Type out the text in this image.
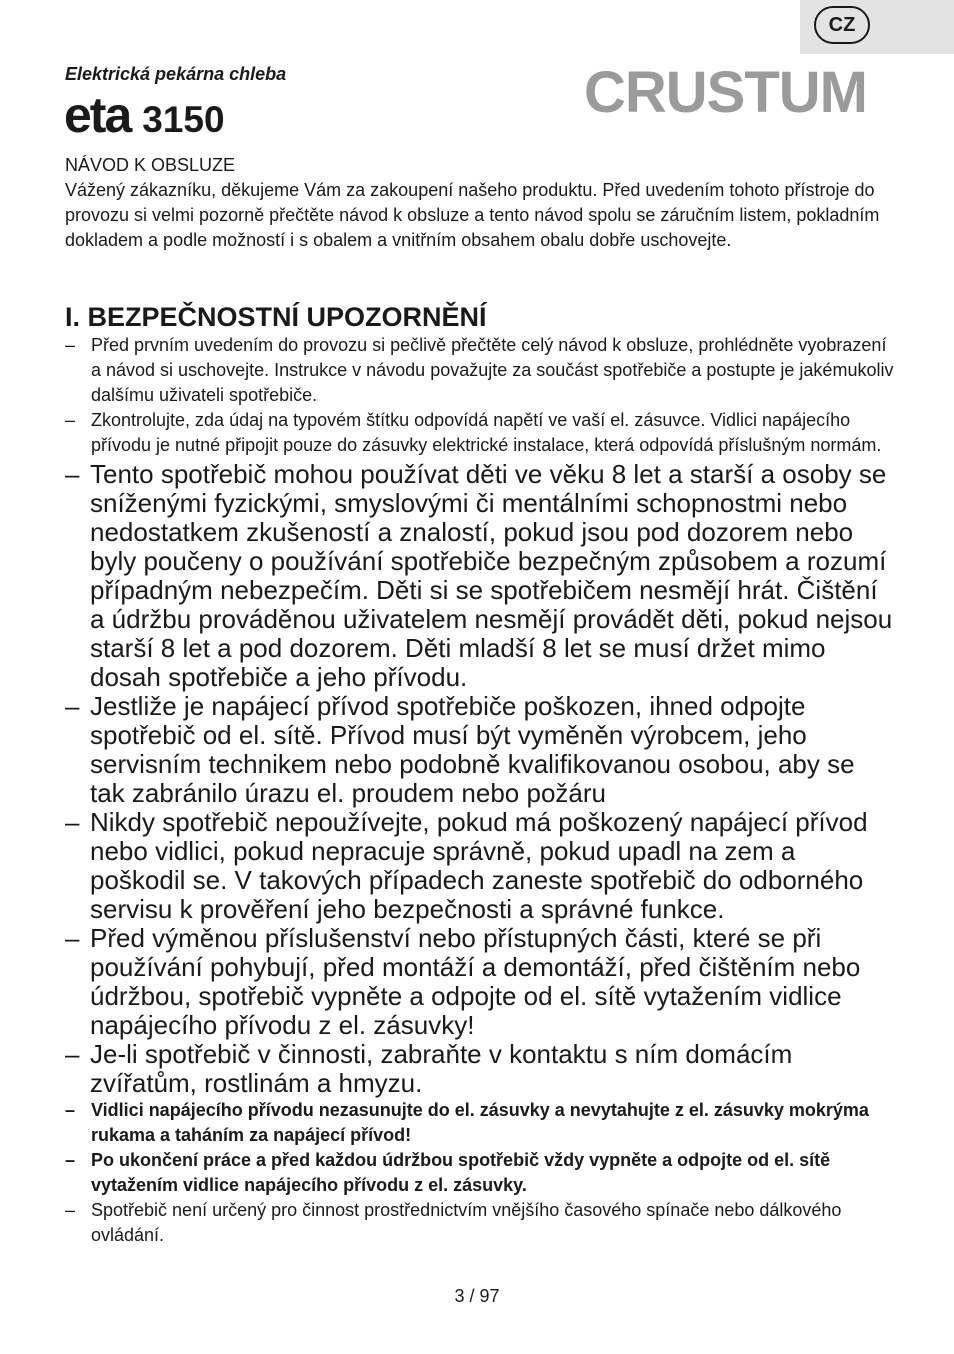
CZ
Elektrická pekárna chleba
eta 3150	CRUSTUM

NÁVOD K OBSLUZE

Vážený zákazníku, děkujeme Vám za zakoupení našeho produktu. Před uvedením tohoto přístroje do provozu si velmi pozorně přečtěte návod k obsluze a tento návod spolu se záručním listem, pokladním dokladem a podle možností i s obalem a vnitřním obsahem obalu dobře uschovejte.

I. BEZPEČNOSTNÍ UPOZORNĚNÍ
– Před prvním uvedením do provozu si pečlivě přečtěte celý návod k obsluze, prohlédněte vyobrazení a návod si uschovejte. Instrukce v návodu považujte za součást spotřebiče a postupte je jakémukoliv dalšímu uživateli spotřebiče.
– Zkontrolujte, zda údaj na typovém štítku odpovídá napětí ve vaší el. zásuvce. Vidlici napájecího přívodu je nutné připojit pouze do zásuvky elektrické instalace, která odpovídá příslušným normám.
– Tento spotřebič mohou používat děti ve věku 8 let a starší a osoby se sníženými fyzickými, smyslovými či mentálními schopnostmi nebo nedostatkem zkušeností a znalostí, pokud jsou pod dozorem nebo byly poučeny o používání spotřebiče bezpečným způsobem a rozumí případným nebezpečím. Děti si se spotřebičem nesmějí hrát. Čištění a údržbu prováděnou uživatelem nesmějí provádět děti, pokud nejsou starší 8 let a pod dozorem. Děti mladší 8 let se musí držet mimo dosah spotřebiče a jeho přívodu.
– Jestliže je napájecí přívod spotřebiče poškozen, ihned odpojte spotřebič od el. sítě. Přívod musí být vyměněn výrobcem, jeho servisním technikem nebo podobně kvalifikovanou osobou, aby se tak zabránilo úrazu el. proudem nebo požáru
– Nikdy spotřebič nepoužívejte, pokud má poškozený napájecí přívod nebo vidlici, pokud nepracuje správně, pokud upadl na zem a poškodil se. V takových případech zaneste spotřebič do odborného servisu k prověření jeho bezpečnosti a správné funkce.
– Před výměnou příslušenství nebo přístupných části, které se při používání pohybují, před montáží a demontáží, před čištěním nebo údržbou, spotřebič vypněte a odpojte od el. sítě vytažením vidlice napájecího přívodu z el. zásuvky!
– Je-li spotřebič v činnosti, zabraňte v kontaktu s ním domácím zvířatům, rostlinám a hmyzu.
– Vidlici napájecího přívodu nezasunujte do el. zásuvky a nevytahujte z el. zásuvky mokrýma rukama a taháním za napájecí přívod!
– Po ukončení práce a před každou údržbou spotřebič vždy vypněte a odpojte od el. sítě vytažením vidlice napájecího přívodu z el. zásuvky.
– Spotřebič není určený pro činnost prostřednictvím vnějšího časového spínače nebo dálkového ovládání.
3 / 97
